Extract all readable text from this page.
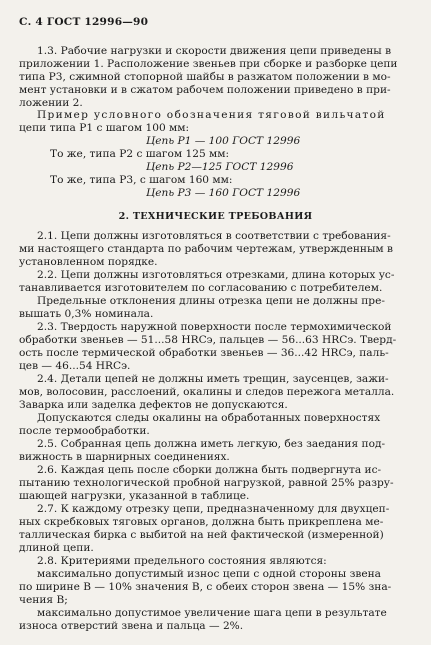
С. 4 ГОСТ 12996—90
1.3. Рабочие нагрузки и скорости движения цепи приведены в
приложении 1. Расположение звеньев при сборке и разборке цепи
типа Р3, сжимной стопорной шайбы в разжатом положении в мо-
мент установки и в сжатом рабочем положении приведено в при-
ложении 2.
Пример условного обозначения тяговой вильчатой
цепи типа Р1 с шагом 100 мм:
Цепь Р1 — 100 ГОСТ 12996
То же, типа Р2 с шагом 125 мм:
Цепь Р2—125 ГОСТ 12996
То же, типа Р3, с шагом 160 мм:
Цепь Р3 — 160 ГОСТ 12996
2. ТЕХНИЧЕСКИЕ ТРЕБОВАНИЯ
2.1. Цепи должны изготовляться в соответствии с требования-
ми настоящего стандарта по рабочим чертежам, утвержденным в
установленном порядке.
2.2. Цепи должны изготовляться отрезками, длина которых ус-
танавливается изготовителем по согласованию с потребителем.
Предельные отклонения длины отрезка цепи не должны пре-
вышать 0,3% номинала.
2.3. Твердость наружной поверхности после термохимической
обработки звеньев — 51...58 HRCэ, пальцев — 56...63 HRCэ. Тверд-
ость после термической обработки звеньев — 36...42 HRCэ, паль-
цев — 46...54 HRCэ.
2.4. Детали цепей не должны иметь трещин, заусенцев, зажи-
мов, волосовин, расслоений, окалины и следов пережога металла.
Заварка или заделка дефектов не допускаются.
Допускаются следы окалины на обработанных поверхностях
после термообработки.
2.5. Собранная цепь должна иметь легкую, без заедания под-
вижность в шарнирных соединениях.
2.6. Каждая цепь после сборки должна быть подвергнута ис-
пытанию технологической пробной нагрузкой, равной 25% разру-
шающей нагрузки, указанной в таблице.
2.7. К каждому отрезку цепи, предназначенному для двухцеп-
ных скребковых тяговых органов, должна быть прикреплена ме-
таллическая бирка с выбитой на ней фактической (измеренной)
длиной цепи.
2.8. Критериями предельного состояния являются:
максимально допустимый износ цепи с одной стороны звена
по ширине В — 10% значения В, с обеих сторон звена — 15% зна-
чения В;
максимально допустимое увеличение шага цепи в результате
износа отверстий звена и пальца — 2%.
